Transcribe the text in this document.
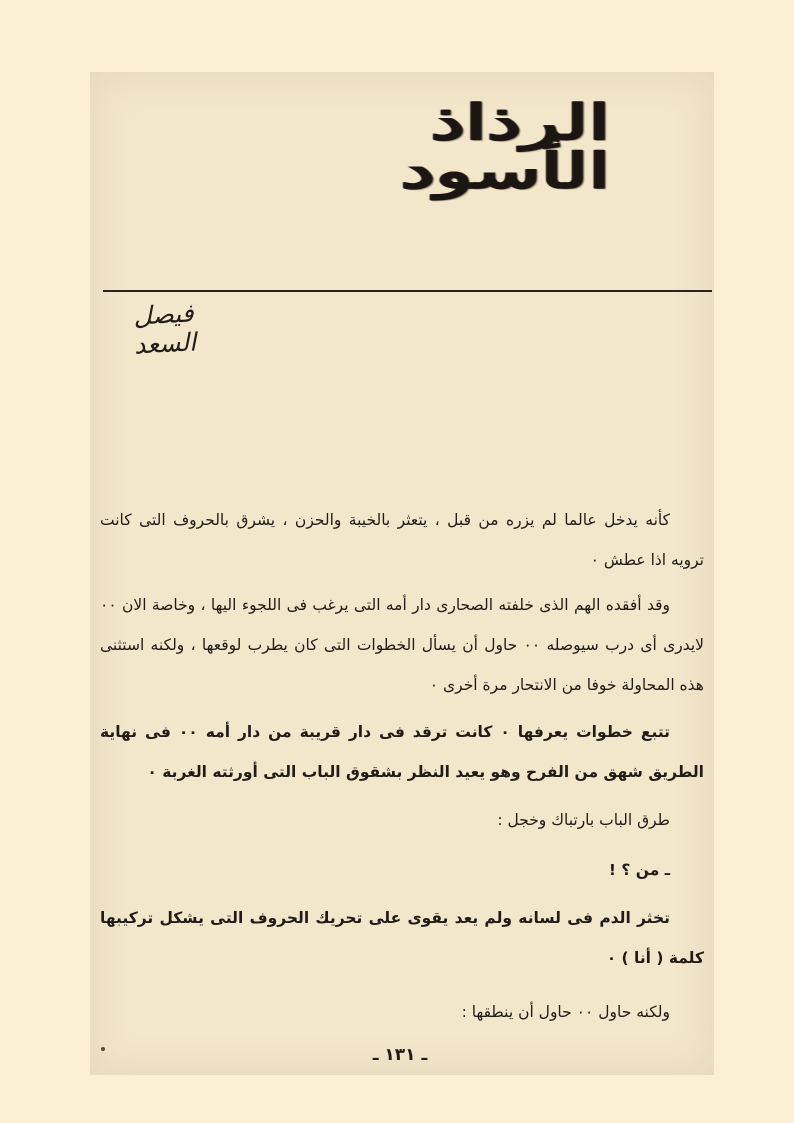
الرذاذ الأسود
فيصل السعد

كأنه يدخل عالما لم يزره من قبل ، يتعثر بالخيبة والحزن ، يشرق بالحروف التى كانت ترويه اذا عطش ٠

وقد أفقده الهم الذى خلفته الصحارى دار أمه التى يرغب فى اللجوء اليها ، وخاصة الان ٠٠ لايدرى أى درب سيوصله ٠٠ حاول أن يسأل الخطوات التى كان يطرب لوقعها ، ولكنه استثنى هذه المحاولة خوفا من الانتحار مرة أخرى ٠

تتبع خطوات يعرفها ٠ كانت ترقد فى دار قريبة من دار أمه ٠٠ فى نهاية الطريق شهق من الفرح وهو يعيد النظر بشقوق الباب التى أورثته الغربة ٠

طرق الباب بارتباك وخجل :

ـ من ؟ !

تخثر الدم فى لسانه ولم يعد يقوى على تحريك الحروف التى يشكل تركيبها كلمة ( أنا ) ٠

ولكنه حاول ٠٠ حاول أن ينطقها :

ـ ١٣١ ـ
